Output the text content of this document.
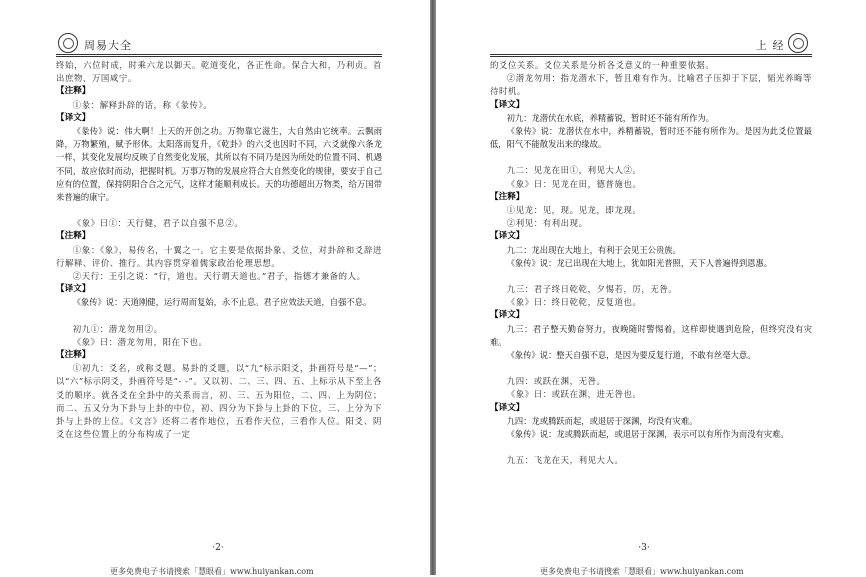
周易大全

终始，六位时成，时乘六龙以御天。乾道变化，各正性命。保合大和，乃利贞。首出庶物，万国咸宁。

【注释】

①彖：解释卦辞的话，称《彖传》。

【译文】

《彖传》说：伟大啊！上天的开创之功。万物靠它滋生，大自然由它统率。云飘雨降，万物繁殖，赋予形体。太阳落而复升，《乾卦》的六爻也因时不同，六爻就像六条龙一样，其变化发展均反映了自然变化发展，其所以有不同乃是因为所处的位置不同、机遇不同，故应依时而动，把握时机。万事万物的发展应符合大自然变化的规律，要安于自己应有的位置，保持阴阳合合之元气，这样才能顺利成长。天的功德超出万物类，给万国带来普遍的康宁。

《象》曰①：天行健，君子以自强不息②。

【注释】

①象：《象》，易传名，十翼之一。它主要是依据卦象、爻位，对卦辞和爻辞进行解释、评价、推行。其内容贯穿着儒家政治伦理思想。

②天行：王引之说：“行，道也。天行谓天道也。”君子，指德才兼备的人。

【译文】

《象传》说：天道刚健，运行周而复始，永不止息。君子应效法天道，自强不息。

初九①：潜龙勿用②。

《象》曰：潜龙勿用，阳在下也。

【注释】

①初九：爻名，或称爻题。易卦的爻题，以“九”标示阳爻，卦画符号是“—”；以“六”标示阴爻，卦画符号是“- -”。又以初、二、三、四、五、上标示从下至上各爻的顺序。就各爻在全卦中的关系而言，初、三、五为阳位，二、四、上为阴位；而二、五又分为下卦与上卦的中位，初、四分为下卦与上卦的下位，三、上分为下卦与上卦的上位。《文言》还将二者作地位，五看作天位，三看作人位。阳爻、阴爻在这些位置上的分布构成了一定

·2·
更多免费电子书请搜索「慧眼看」www.huiyankan.com
上 经

的爻位关系。爻位关系是分析各爻意义的一种重要依据。

②潜龙勿用：指龙潜水下，暂且难有作为。比喻君子压抑于下层，韬光养晦等待时机。

【译文】

初九：龙潜伏在水底，养精蓄锐，暂时还不能有所作为。

《象传》说：龙潜伏在水中，养精蓄锐，暂时还不能有所作为。是因为此爻位置最低，阳气不能散发出来的缘故。

九二：见龙在田①，利见大人②。

《象》曰：见龙在田，德普施也。

【注释】

①见龙：见，现。见龙，即龙现。

②利见：有利出现。

【译文】

九二：龙出现在大地上，有利于会见王公贵族。

《象传》说：龙已出现在大地上，犹如阳光普照，天下人普遍得到恩惠。

九三：君子终日乾乾，夕惕若，厉，无咎。

《象》曰：终日乾乾，反复道也。

【译文】

九三：君子整天勤奋努力，夜晚随时警惕着，这样即使遇到危险，但终究没有灾难。

《象传》说：整天自强不息，是因为要反复行道，不敢有丝毫大意。

九四：或跃在渊，无咎。

《象》曰：或跃在渊，进无咎也。

【译文】

九四：龙或腾跃而起，或退居于深渊，均没有灾难。

《象传》说：龙或腾跃而起，或退居于深渊，表示可以有所作为而没有灾难。

九五：飞龙在天，利见大人。

·3·
更多免费电子书请搜索「慧眼看」www.huiyankan.com
